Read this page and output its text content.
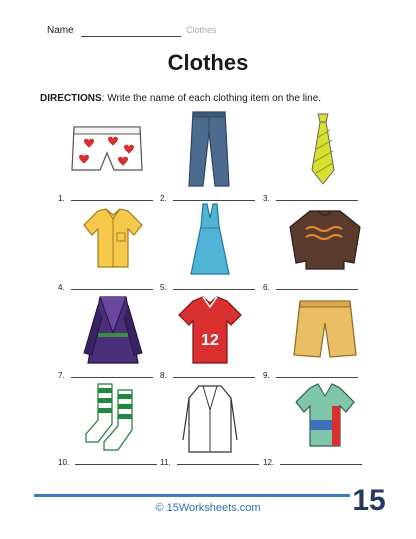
Name	Clothes
Clothes
DIRECTIONS: Write the name of each clothing item on the line.
1.	2.	3.
4.	5.	6.
12
7.	8.	9.
10.	11.	12.
© 15Worksheets.com	15
